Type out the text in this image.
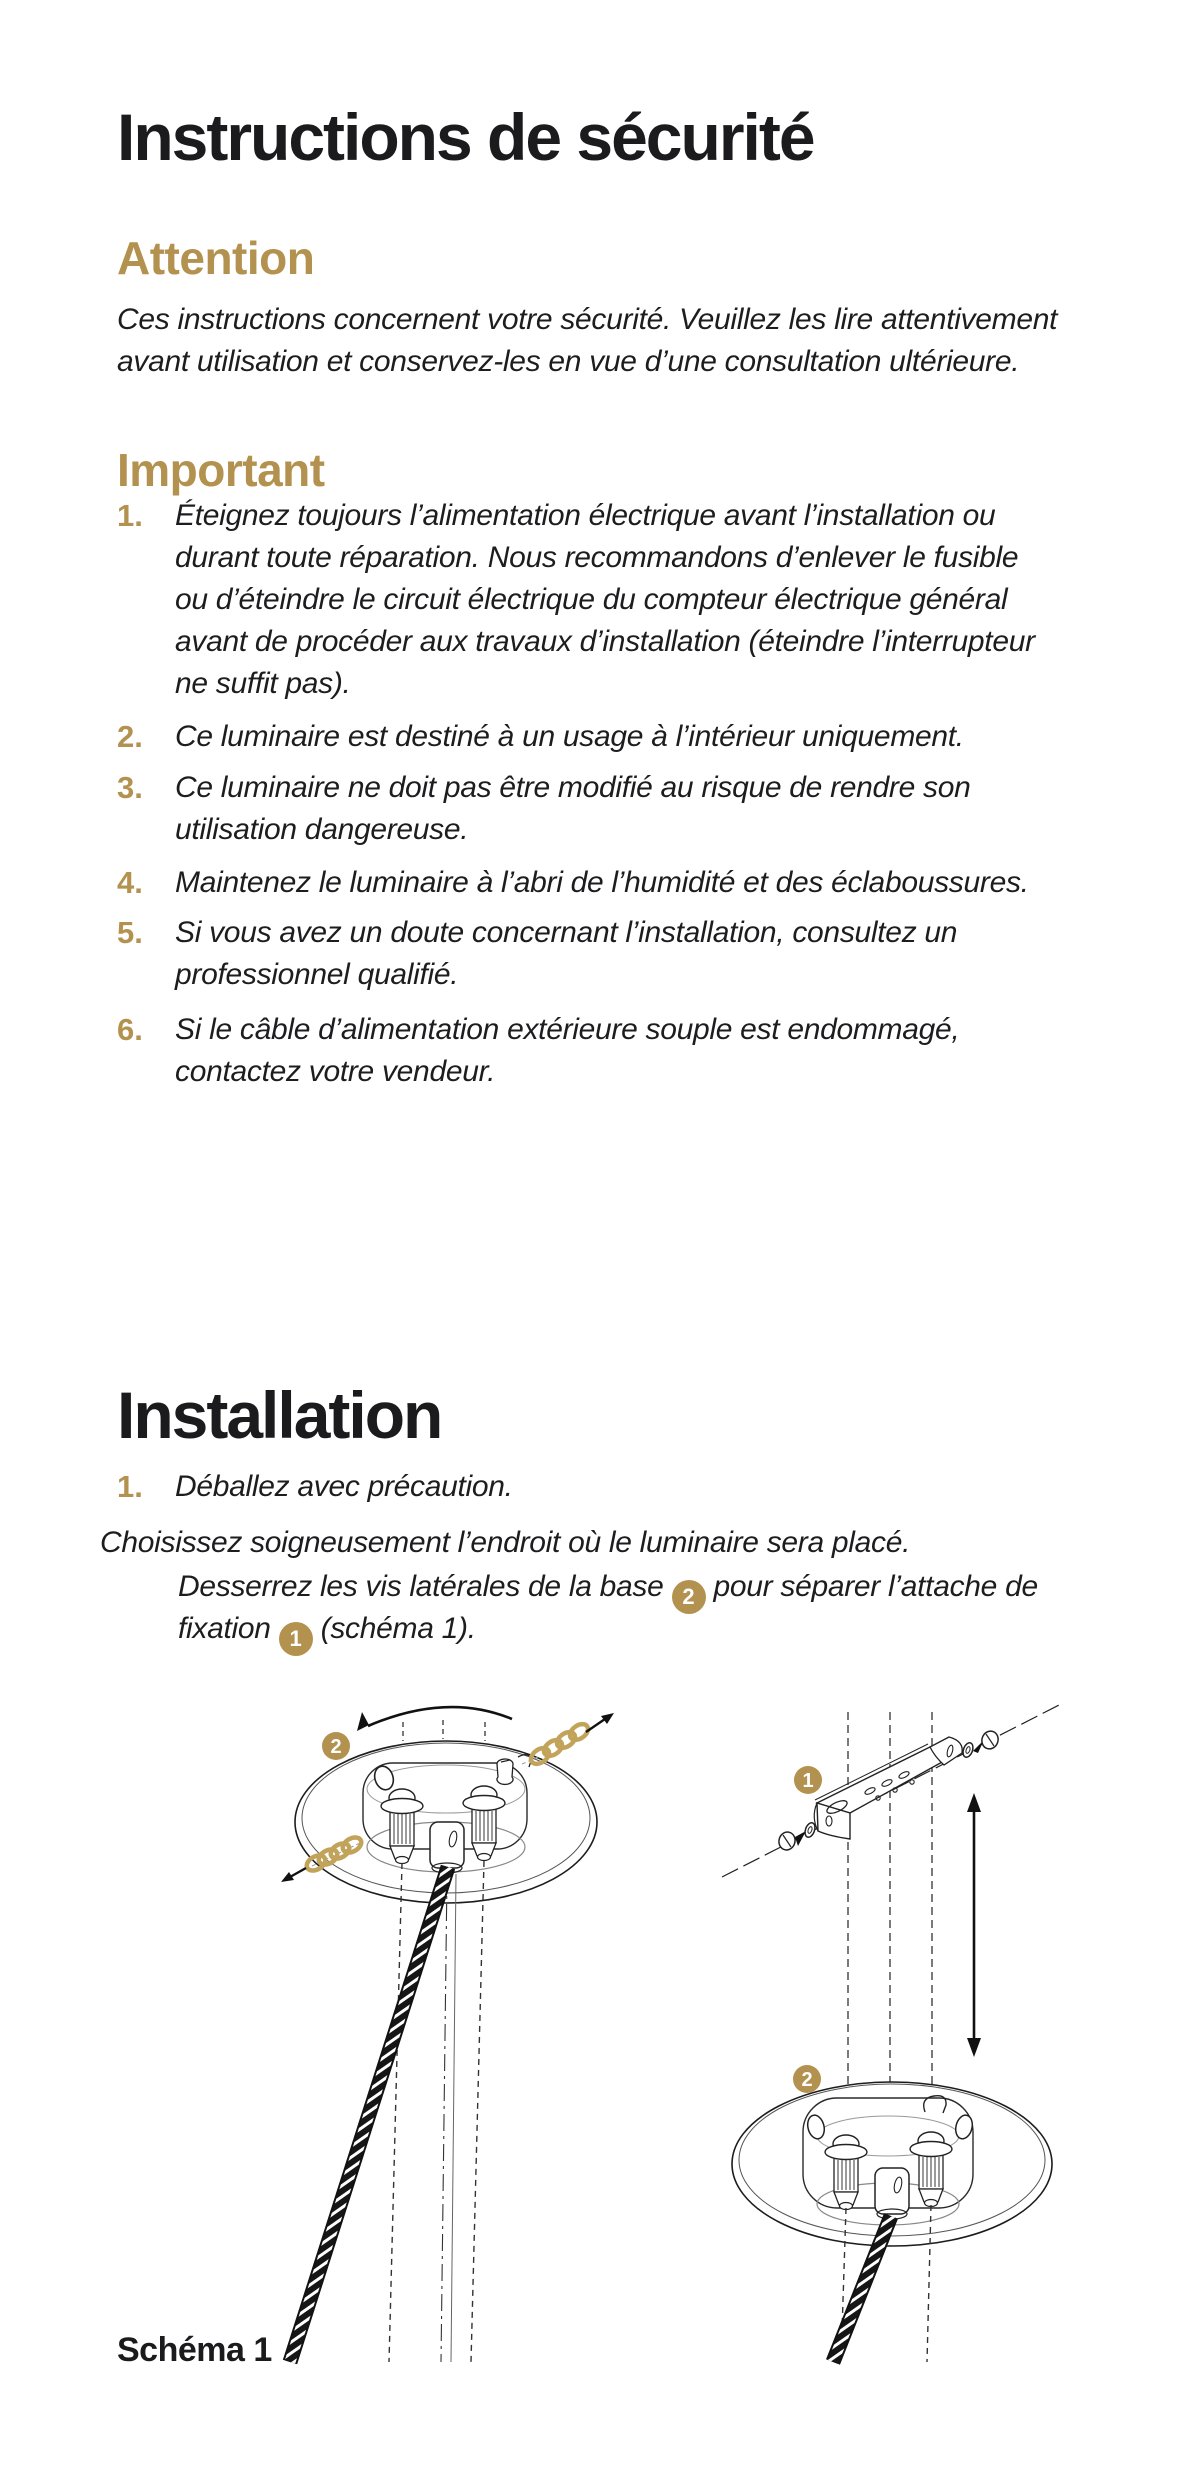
Instructions de sécurité
Attention
Ces instructions concernent votre sécurité. Veuillez les lire attentivement
avant utilisation et conservez-les en vue d’une consultation ultérieure.
Important
1. Éteignez toujours l’alimentation électrique avant l’installation ou
durant toute réparation. Nous recommandons d’enlever le fusible
ou d’éteindre le circuit électrique du compteur électrique général
avant de procéder aux travaux d’installation (éteindre l’interrupteur
ne suffit pas).
2. Ce luminaire est destiné à un usage à l’intérieur uniquement.
3. Ce luminaire ne doit pas être modifié au risque de rendre son
utilisation dangereuse.
4. Maintenez le luminaire à l’abri de l’humidité et des éclaboussures.
5. Si vous avez un doute concernant l’installation, consultez un
professionnel qualifié.
6. Si le câble d’alimentation extérieure souple est endommagé,
contactez votre vendeur.
Installation
1. Déballez avec précaution.
Choisissez soigneusement l’endroit où le luminaire sera placé.
Desserrez les vis latérales de la base 2 pour séparer l’attache de
fixation 1 (schéma 1).
2
1
2
Schéma 1
